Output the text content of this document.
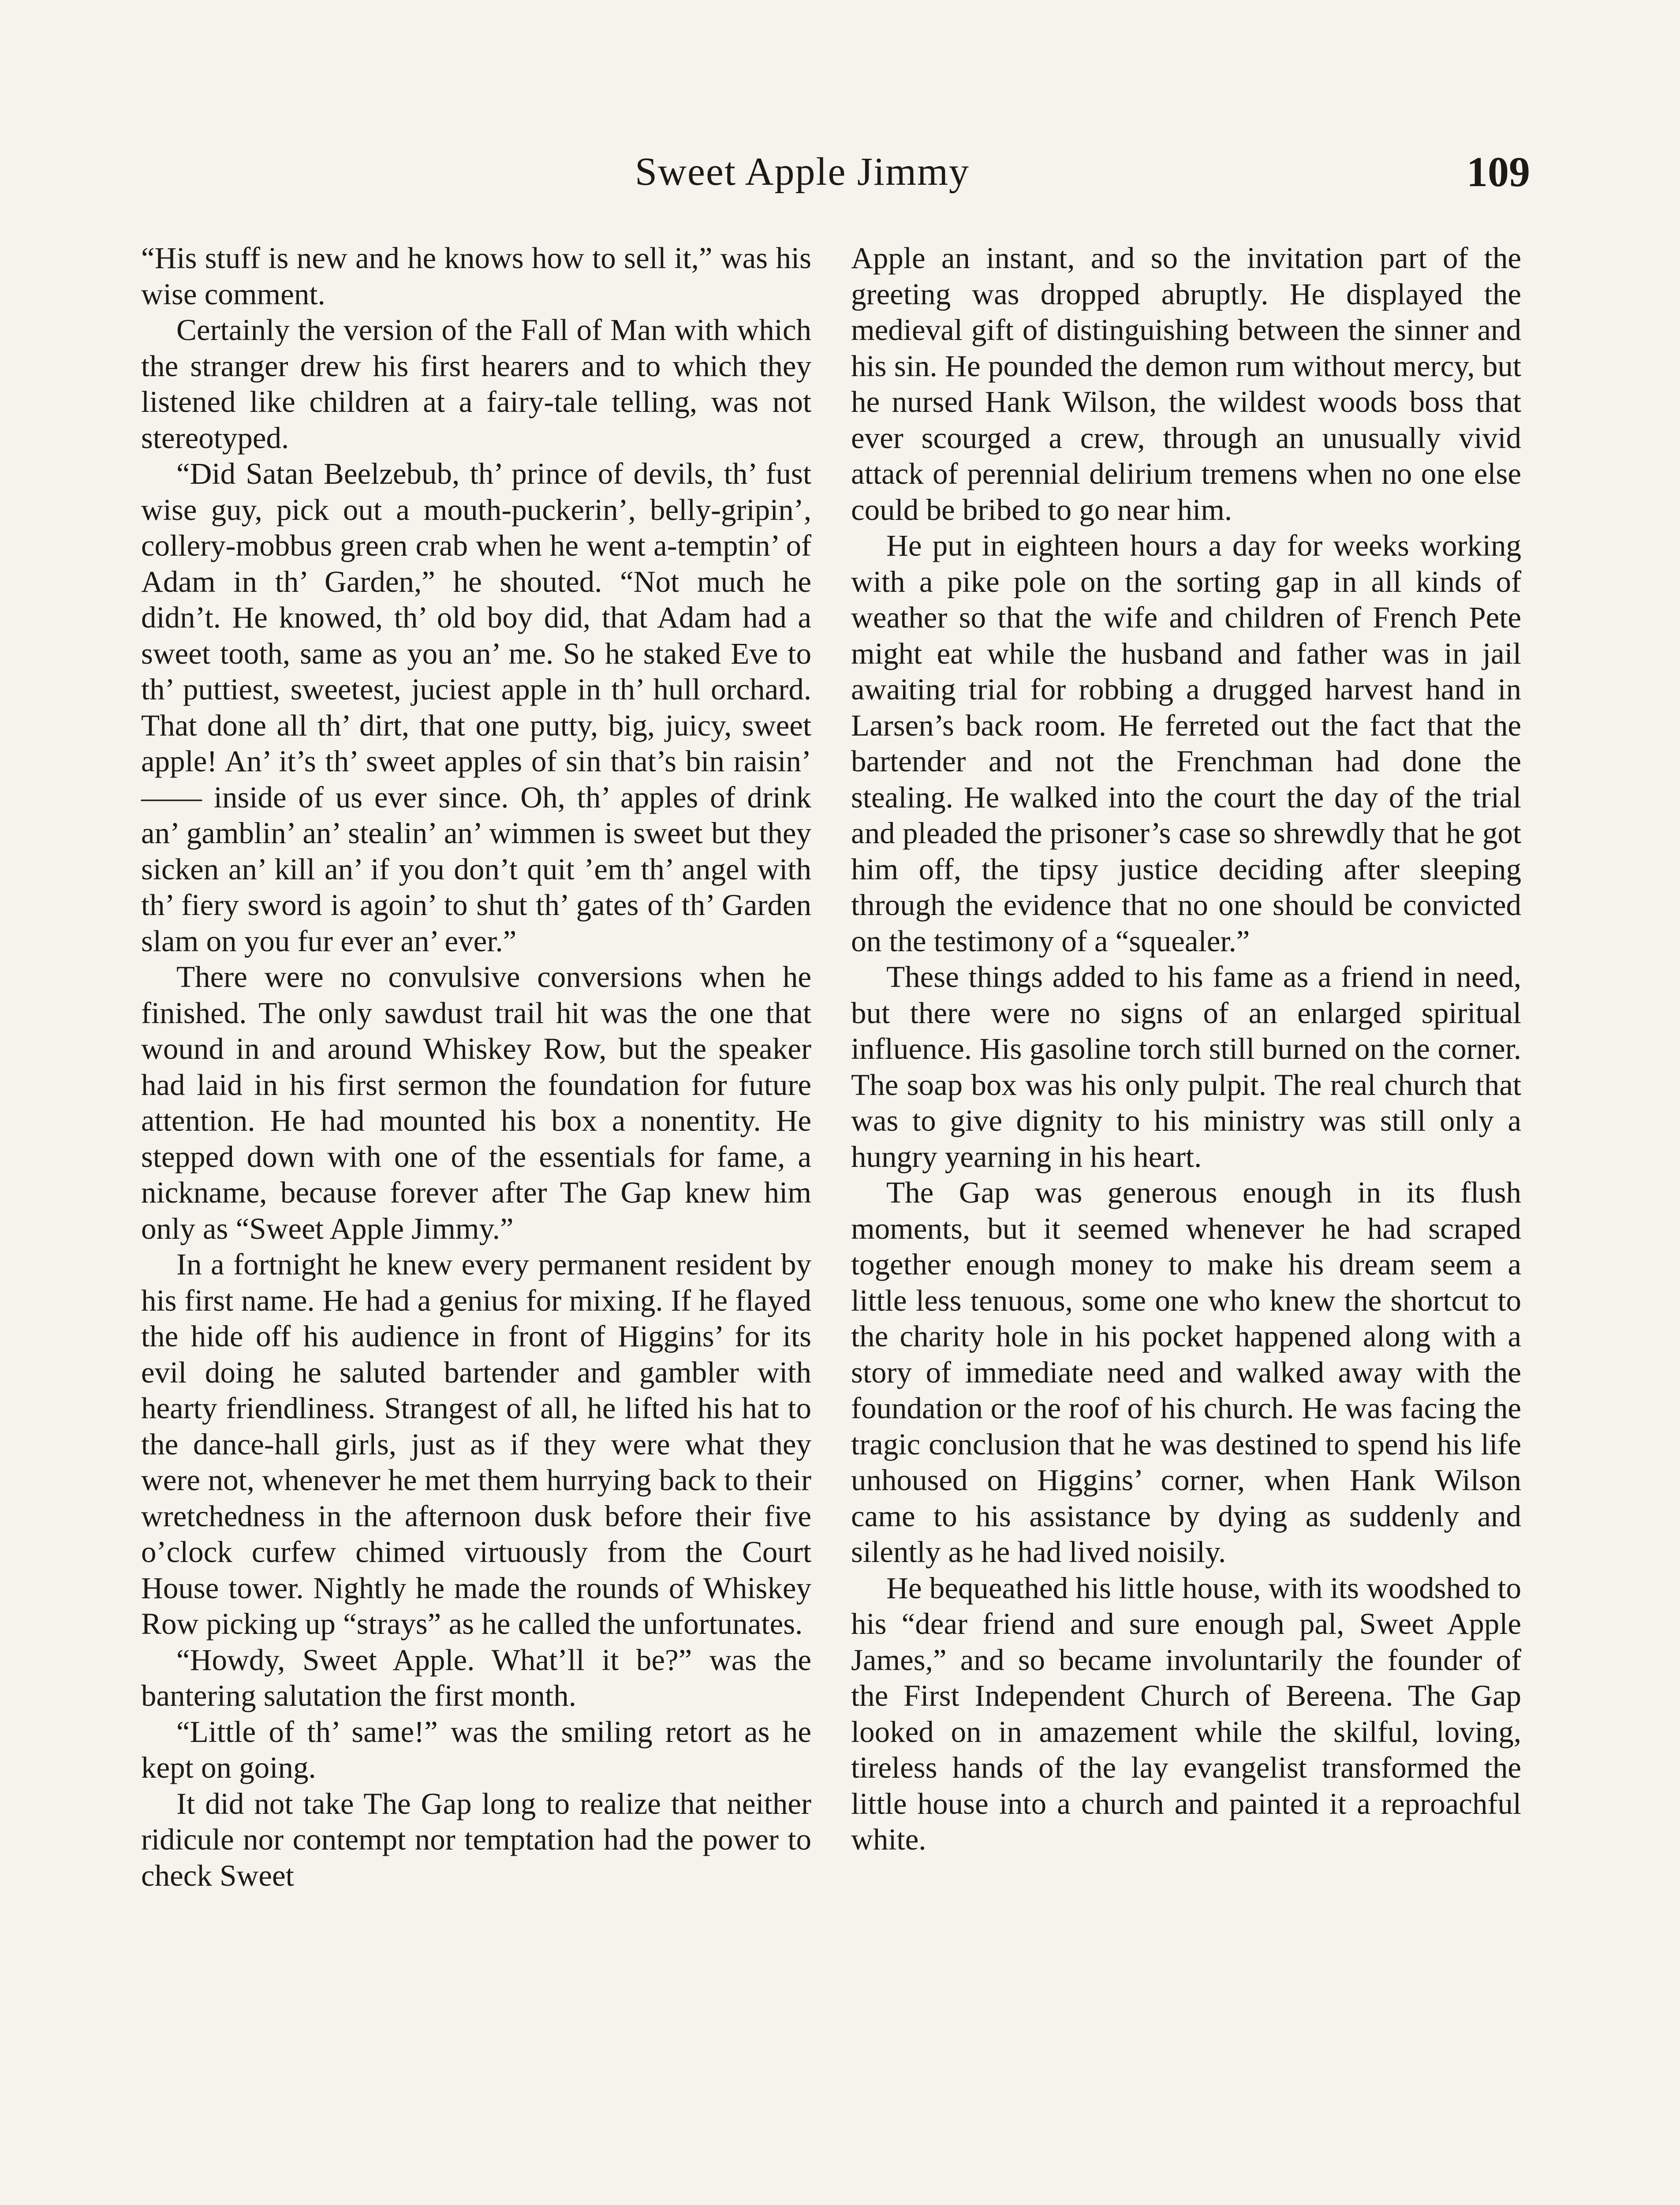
Sweet Apple Jimmy	109

“His stuff is new and he knows how to sell it,” was his wise comment.

Certainly the version of the Fall of Man with which the stranger drew his first hearers and to which they listened like children at a fairy-tale telling, was not stereotyped.

“Did Satan Beelzebub, th’ prince of devils, th’ fust wise guy, pick out a mouth-puckerin’, belly-gripin’, collery-mobbus green crab when he went a-temptin’ of Adam in th’ Garden,” he shouted. “Not much he didn’t. He knowed, th’ old boy did, that Adam had a sweet tooth, same as you an’ me. So he staked Eve to th’ puttiest, sweetest, juciest apple in th’ hull orchard. That done all th’ dirt, that one putty, big, juicy, sweet apple! An’ it’s th’ sweet apples of sin that’s bin raisin’ —— inside of us ever since. Oh, th’ apples of drink an’ gamblin’ an’ stealin’ an’ wimmen is sweet but they sicken an’ kill an’ if you don’t quit ’em th’ angel with th’ fiery sword is agoin’ to shut th’ gates of th’ Garden slam on you fur ever an’ ever.”

There were no convulsive conversions when he finished. The only sawdust trail hit was the one that wound in and around Whiskey Row, but the speaker had laid in his first sermon the foundation for future attention. He had mounted his box a nonentity. He stepped down with one of the essentials for fame, a nickname, because forever after The Gap knew him only as “Sweet Apple Jimmy.”

In a fortnight he knew every permanent resident by his first name. He had a genius for mixing. If he flayed the hide off his audience in front of Higgins’ for its evil doing he saluted bartender and gambler with hearty friendliness. Strangest of all, he lifted his hat to the dance-hall girls, just as if they were what they were not, whenever he met them hurrying back to their wretchedness in the afternoon dusk before their five o’clock curfew chimed virtuously from the Court House tower. Nightly he made the rounds of Whiskey Row picking up “strays” as he called the unfortunates.

“Howdy, Sweet Apple. What’ll it be?” was the bantering salutation the first month.

“Little of th’ same!” was the smiling retort as he kept on going.

It did not take The Gap long to realize that neither ridicule nor contempt nor temptation had the power to check Sweet

Apple an instant, and so the invitation part of the greeting was dropped abruptly. He displayed the medieval gift of distinguishing between the sinner and his sin. He pounded the demon rum without mercy, but he nursed Hank Wilson, the wildest woods boss that ever scourged a crew, through an unusually vivid attack of perennial delirium tremens when no one else could be bribed to go near him.

He put in eighteen hours a day for weeks working with a pike pole on the sorting gap in all kinds of weather so that the wife and children of French Pete might eat while the husband and father was in jail awaiting trial for robbing a drugged harvest hand in Larsen’s back room. He ferreted out the fact that the bartender and not the Frenchman had done the stealing. He walked into the court the day of the trial and pleaded the prisoner’s case so shrewdly that he got him off, the tipsy justice deciding after sleeping through the evidence that no one should be convicted on the testimony of a “squealer.”

These things added to his fame as a friend in need, but there were no signs of an enlarged spiritual influence. His gasoline torch still burned on the corner. The soap box was his only pulpit. The real church that was to give dignity to his ministry was still only a hungry yearning in his heart.

The Gap was generous enough in its flush moments, but it seemed whenever he had scraped together enough money to make his dream seem a little less tenuous, some one who knew the shortcut to the charity hole in his pocket happened along with a story of immediate need and walked away with the foundation or the roof of his church. He was facing the tragic conclusion that he was destined to spend his life unhoused on Higgins’ corner, when Hank Wilson came to his assistance by dying as suddenly and silently as he had lived noisily.

He bequeathed his little house, with its woodshed to his “dear friend and sure enough pal, Sweet Apple James,” and so became involuntarily the founder of the First Independent Church of Bereena. The Gap looked on in amazement while the skilful, loving, tireless hands of the lay evangelist transformed the little house into a church and painted it a reproachful white.
